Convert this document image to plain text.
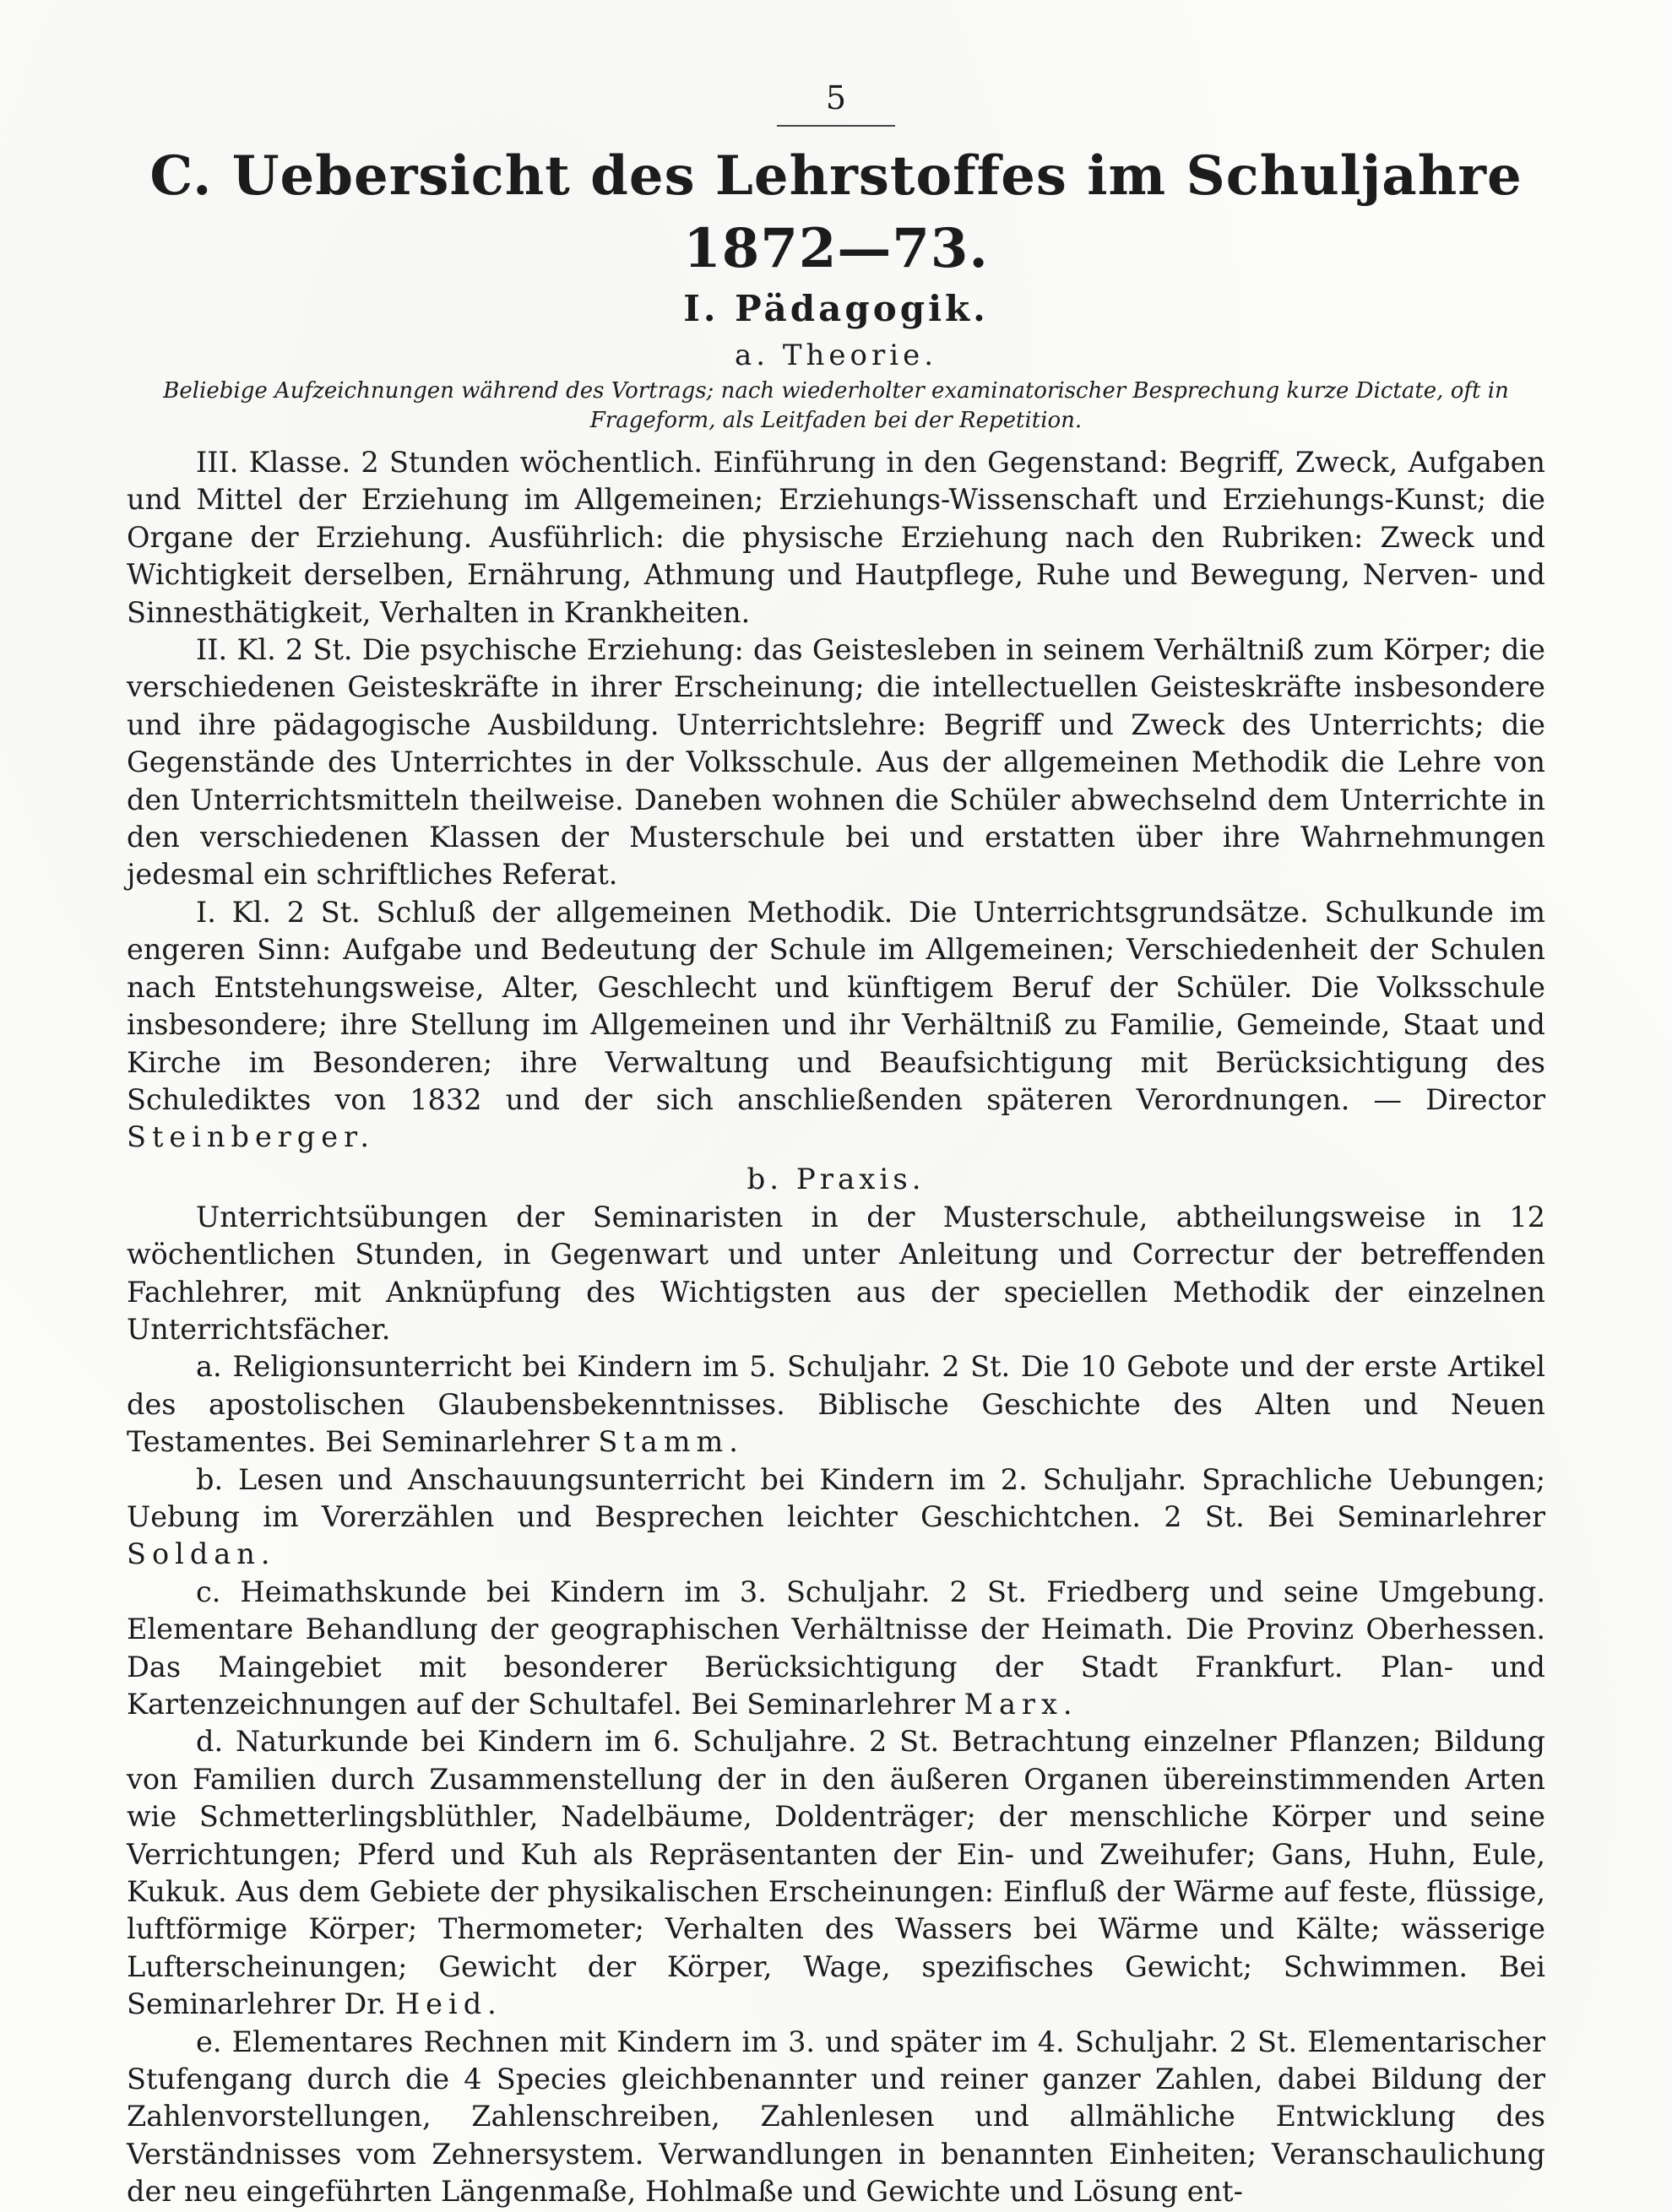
5
C. Uebersicht des Lehrstoffes im Schuljahre 1872—73.
I. Pädagogik.
a. Theorie.
Beliebige Aufzeichnungen während des Vortrags; nach wiederholter examinatorischer Besprechung kurze Dictate, oft in Frageform, als Leitfaden bei der Repetition.

III. Klasse. 2 Stunden wöchentlich. Einführung in den Gegenstand: Begriff, Zweck, Aufgaben und Mittel der Erziehung im Allgemeinen; Erziehungs-Wissenschaft und Erziehungs-Kunst; die Organe der Erziehung. Ausführlich: die physische Erziehung nach den Rubriken: Zweck und Wichtigkeit derselben, Ernährung, Athmung und Hautpflege, Ruhe und Bewegung, Nerven- und Sinnesthätigkeit, Verhalten in Krankheiten.

II. Kl. 2 St. Die psychische Erziehung: das Geistesleben in seinem Verhältniß zum Körper; die verschiedenen Geisteskräfte in ihrer Erscheinung; die intellectuellen Geisteskräfte insbesondere und ihre pädagogische Ausbildung. Unterrichtslehre: Begriff und Zweck des Unterrichts; die Gegenstände des Unterrichtes in der Volksschule. Aus der allgemeinen Methodik die Lehre von den Unterrichtsmitteln theilweise. Daneben wohnen die Schüler abwechselnd dem Unterrichte in den verschiedenen Klassen der Musterschule bei und erstatten über ihre Wahrnehmungen jedesmal ein schriftliches Referat.

I. Kl. 2 St. Schluß der allgemeinen Methodik. Die Unterrichtsgrundsätze. Schulkunde im engeren Sinn: Aufgabe und Bedeutung der Schule im Allgemeinen; Verschiedenheit der Schulen nach Entstehungsweise, Alter, Geschlecht und künftigem Beruf der Schüler. Die Volksschule insbesondere; ihre Stellung im Allgemeinen und ihr Verhältniß zu Familie, Gemeinde, Staat und Kirche im Besonderen; ihre Verwaltung und Beaufsichtigung mit Berücksichtigung des Schulediktes von 1832 und der sich anschließenden späteren Verordnungen. — Director Steinberger.

b. Praxis.

Unterrichtsübungen der Seminaristen in der Musterschule, abtheilungsweise in 12 wöchentlichen Stunden, in Gegenwart und unter Anleitung und Correctur der betreffenden Fachlehrer, mit Anknüpfung des Wichtigsten aus der speciellen Methodik der einzelnen Unterrichtsfächer.

a. Religionsunterricht bei Kindern im 5. Schuljahr. 2 St. Die 10 Gebote und der erste Artikel des apostolischen Glaubensbekenntnisses. Biblische Geschichte des Alten und Neuen Testamentes. Bei Seminarlehrer Stamm.

b. Lesen und Anschauungsunterricht bei Kindern im 2. Schuljahr. Sprachliche Uebungen; Uebung im Vorerzählen und Besprechen leichter Geschichtchen. 2 St. Bei Seminarlehrer Soldan.

c. Heimathskunde bei Kindern im 3. Schuljahr. 2 St. Friedberg und seine Umgebung. Elementare Behandlung der geographischen Verhältnisse der Heimath. Die Provinz Oberhessen. Das Maingebiet mit besonderer Berücksichtigung der Stadt Frankfurt. Plan- und Kartenzeichnungen auf der Schultafel. Bei Seminarlehrer Marx.

d. Naturkunde bei Kindern im 6. Schuljahre. 2 St. Betrachtung einzelner Pflanzen; Bildung von Familien durch Zusammenstellung der in den äußeren Organen übereinstimmenden Arten wie Schmetterlingsblüthler, Nadelbäume, Doldenträger; der menschliche Körper und seine Verrichtungen; Pferd und Kuh als Repräsentanten der Ein- und Zweihufer; Gans, Huhn, Eule, Kukuk. Aus dem Gebiete der physikalischen Erscheinungen: Einfluß der Wärme auf feste, flüssige, luftförmige Körper; Thermometer; Verhalten des Wassers bei Wärme und Kälte; wässerige Lufterscheinungen; Gewicht der Körper, Wage, spezifisches Gewicht; Schwimmen. Bei Seminarlehrer Dr. Heid.

e. Elementares Rechnen mit Kindern im 3. und später im 4. Schuljahr. 2 St. Elementarischer Stufengang durch die 4 Species gleichbenannter und reiner ganzer Zahlen, dabei Bildung der Zahlenvorstellungen, Zahlenschreiben, Zahlenlesen und allmähliche Entwicklung des Verständnisses vom Zehnersystem. Verwandlungen in benannten Einheiten; Veranschaulichung der neu eingeführten Längenmaße, Hohlmaße und Gewichte und Lösung ent-
